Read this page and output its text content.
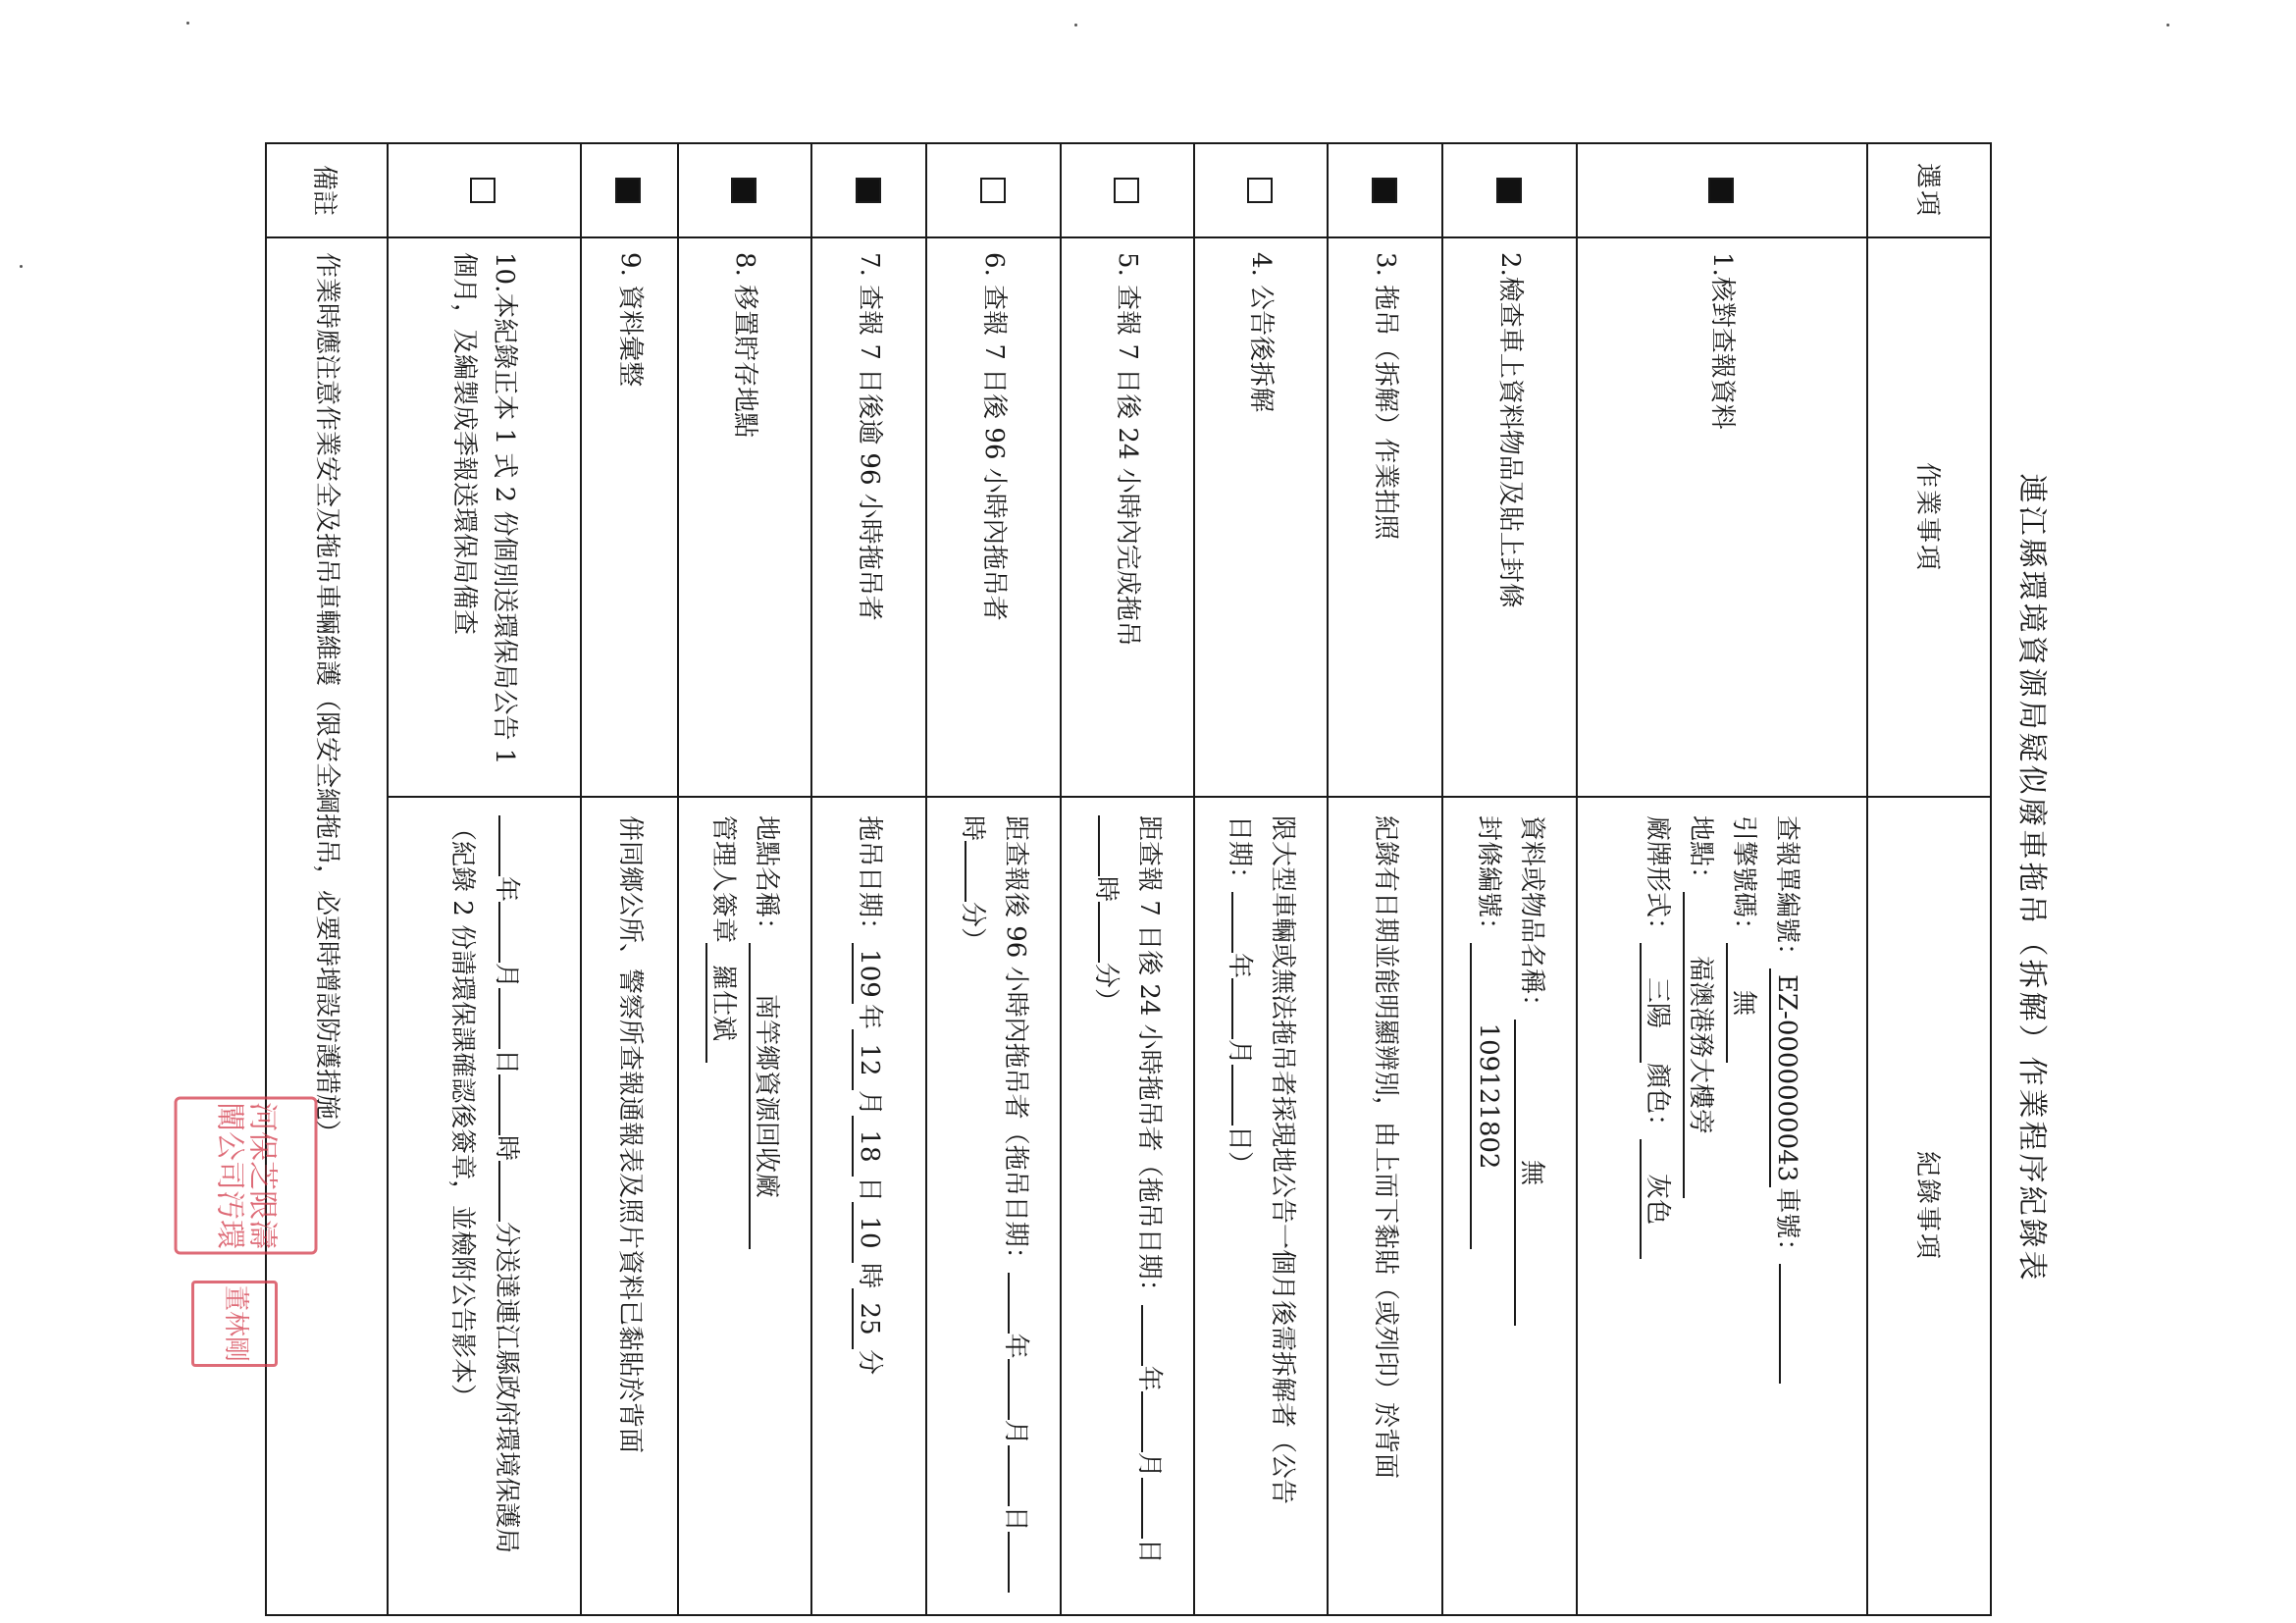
連江縣環境資源局疑似廢車拖吊（拆解）作業程序紀錄表
選項	作業事項	紀錄事項
	1.核對查報資料	查報單編號：EZ-0000000043車號：
引擎號碼：無
地點：福澳港務大樓旁
廠牌形式：三陽顏色：灰色

	2.檢查車上資料物品及貼上封條	資料或物品名稱：無
封條編號：109121802

	3. 拖吊（拆解）作業拍照	紀錄有日期並能明顯辨別，由上而下黏貼（或列印）於背面
	4. 公告後拆解	限大型車輛或無法拖吊者採現地公告一個月後需拆解者（公告
日期：年月日）

	5. 查報 7 日後 24 小時內完成拖吊	距查報 7 日後 24 小時拖吊者（拖吊日期：年月日時分）
	6. 查報 7 日後 96 小時內拖吊者	距查報後 96 小時內拖吊者（拖吊日期：年月日時分）
	7. 查報 7 日後逾 96 小時拖吊者	拖吊日期：109年12月18日10時25分
	8. 移置貯存地點	地點名稱：南竿鄉資源回收廠
管理人簽章羅仕斌

	9. 資料彙整	併同鄉公所、警察所查報通報表及照片資料已黏貼於背面
	10.本紀錄正本 1 式 2 份個別送環保局公告 1 個月，及編製成季報送環保局備查	年月日時分送達連江縣政府環境保護局
（紀錄 2 份請環保課確認後簽章，並檢附公告影本）

備註	作業時應注意作業安全及拖吊車輛維護（限安全綱拖吊，必要時增設防護措施）	
河保芝限濤闡公司汚環
董林剛
